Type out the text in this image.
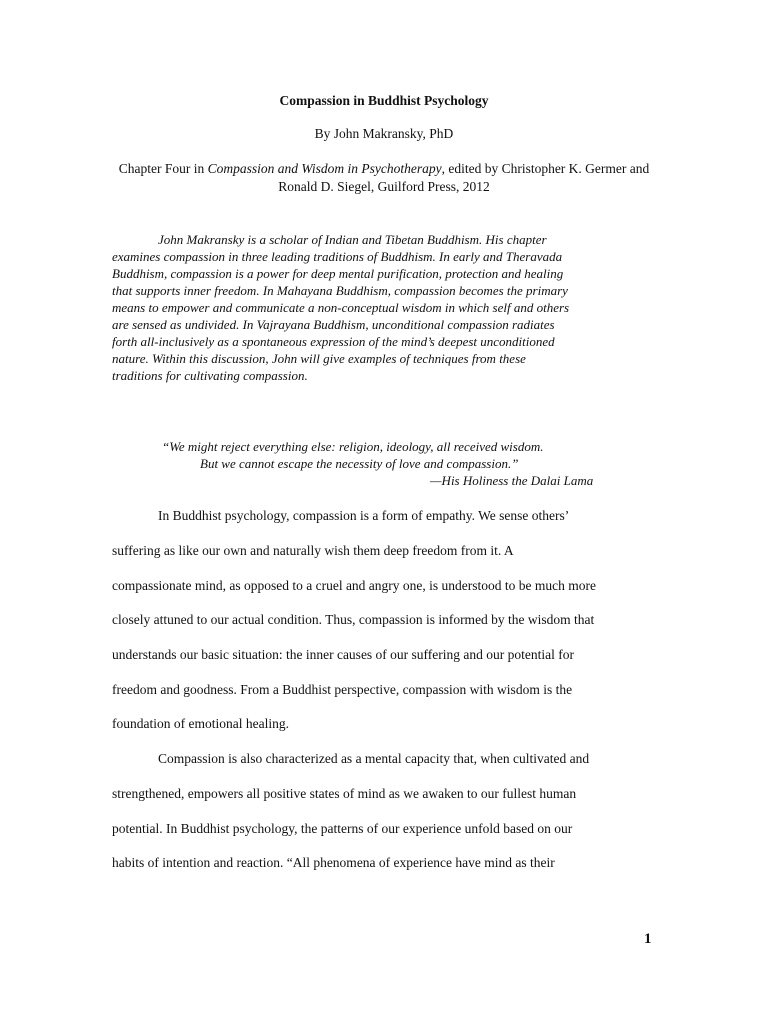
Compassion in Buddhist Psychology
By John Makransky, PhD
Chapter Four in Compassion and Wisdom in Psychotherapy, edited by Christopher K. Germer and Ronald D. Siegel, Guilford Press, 2012
John Makransky is a scholar of Indian and Tibetan Buddhism. His chapter
examines compassion in three leading traditions of Buddhism. In early and Theravada
Buddhism, compassion is a power for deep mental purification, protection and healing
that supports inner freedom. In Mahayana Buddhism, compassion becomes the primary
means to empower and communicate a non-conceptual wisdom in which self and others
are sensed as undivided. In Vajrayana Buddhism, unconditional compassion radiates
forth all-inclusively as a spontaneous expression of the mind’s deepest unconditioned
nature. Within this discussion, John will give examples of techniques from these
traditions for cultivating compassion.
“We might reject everything else: religion, ideology, all received wisdom.
But we cannot escape the necessity of love and compassion.”
—His Holiness the Dalai Lama
In Buddhist psychology, compassion is a form of empathy. We sense others’
suffering as like our own and naturally wish them deep freedom from it. A
compassionate mind, as opposed to a cruel and angry one, is understood to be much more
closely attuned to our actual condition. Thus, compassion is informed by the wisdom that
understands our basic situation: the inner causes of our suffering and our potential for
freedom and goodness. From a Buddhist perspective, compassion with wisdom is the
foundation of emotional healing.
Compassion is also characterized as a mental capacity that, when cultivated and
strengthened, empowers all positive states of mind as we awaken to our fullest human
potential. In Buddhist psychology, the patterns of our experience unfold based on our
habits of intention and reaction. “All phenomena of experience have mind as their
1
